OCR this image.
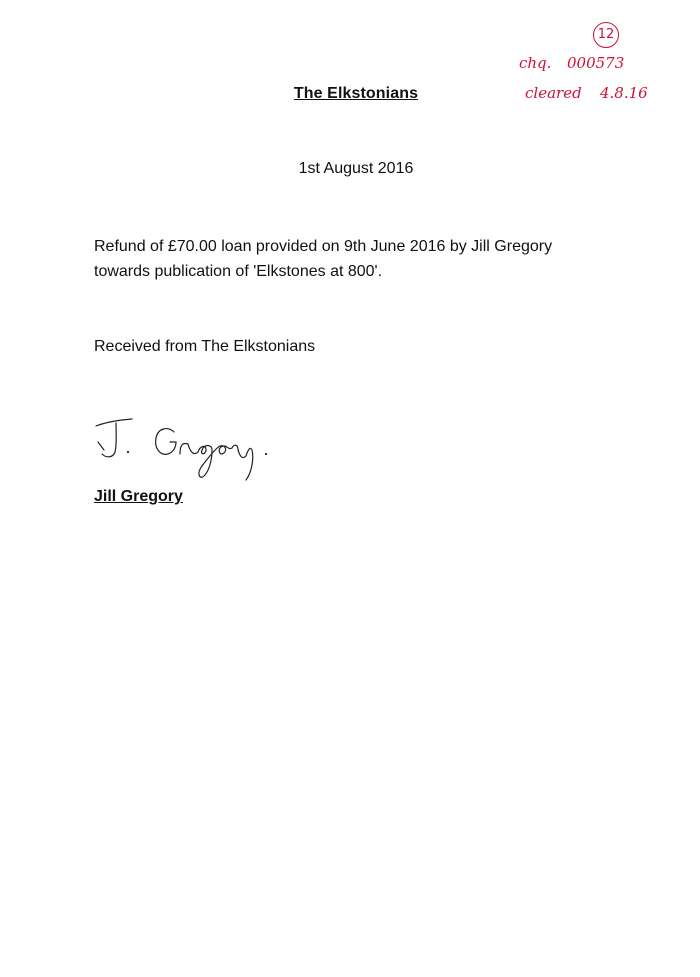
12
chq. 000573
cleared 4.8.16
The Elkstonians
1st August 2016
Refund of £70.00 loan provided on 9th June 2016 by Jill Gregory
towards publication of 'Elkstones at 800'.
Received from The Elkstonians
Jill Gregory
